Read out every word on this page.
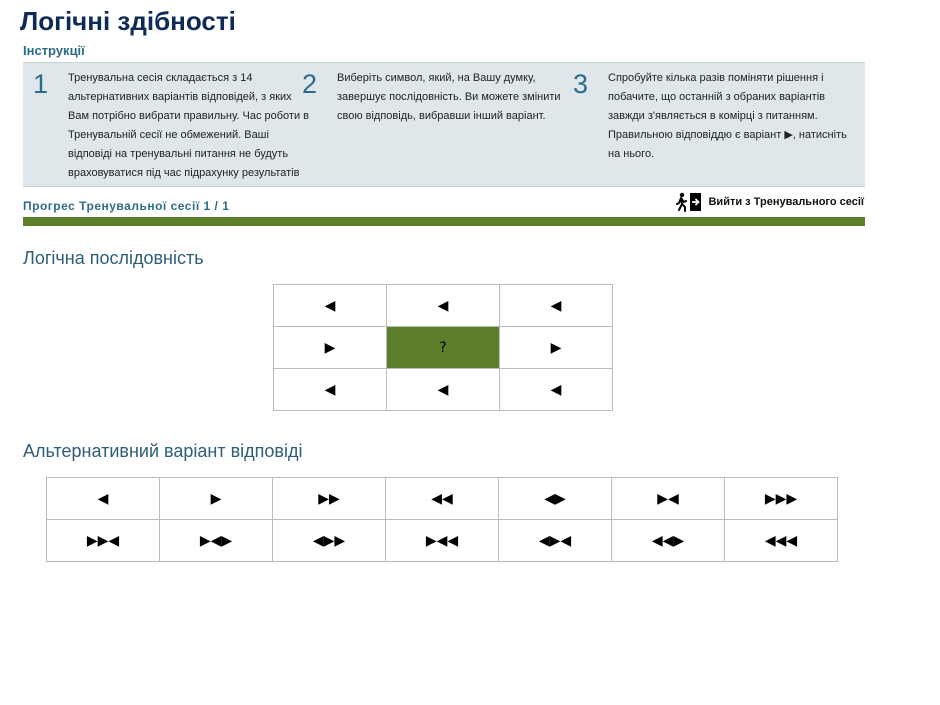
Логічні здібності
Інструкції
1 Тренувальна сесія складається з 14 альтернативних варіантів відповідей, з яких Вам потрібно вибрати правильну. Час роботи в Тренувальній сесії не обмежений. Ваші відповіді на тренувальні питання не будуть враховуватися під час підрахунку результатів
2 Виберіть символ, який, на Вашу думку, завершує послідовність. Ви можете змінити свою відповідь, вибравши інший варіант.
3 Спробуйте кілька разів поміняти рішення і побачите, що останній з обраних варіантів завжди з'являється в комірці з питанням. Правильною відповіддю є варіант ▶, натисніть на нього.
Прогрес Тренувальної сесії 1 / 1	Вийти з Тренувального сесії
Логічна послідовність
◀	◀	◀
▶	?	▶
◀	◀	◀
Альтернативний варіант відповіді
◀	▶	▶▶	◀◀	◀▶	▶◀	▶▶▶
▶▶◀	▶◀▶	◀▶▶	▶◀◀	◀▶◀	◀◀▶	◀◀◀
